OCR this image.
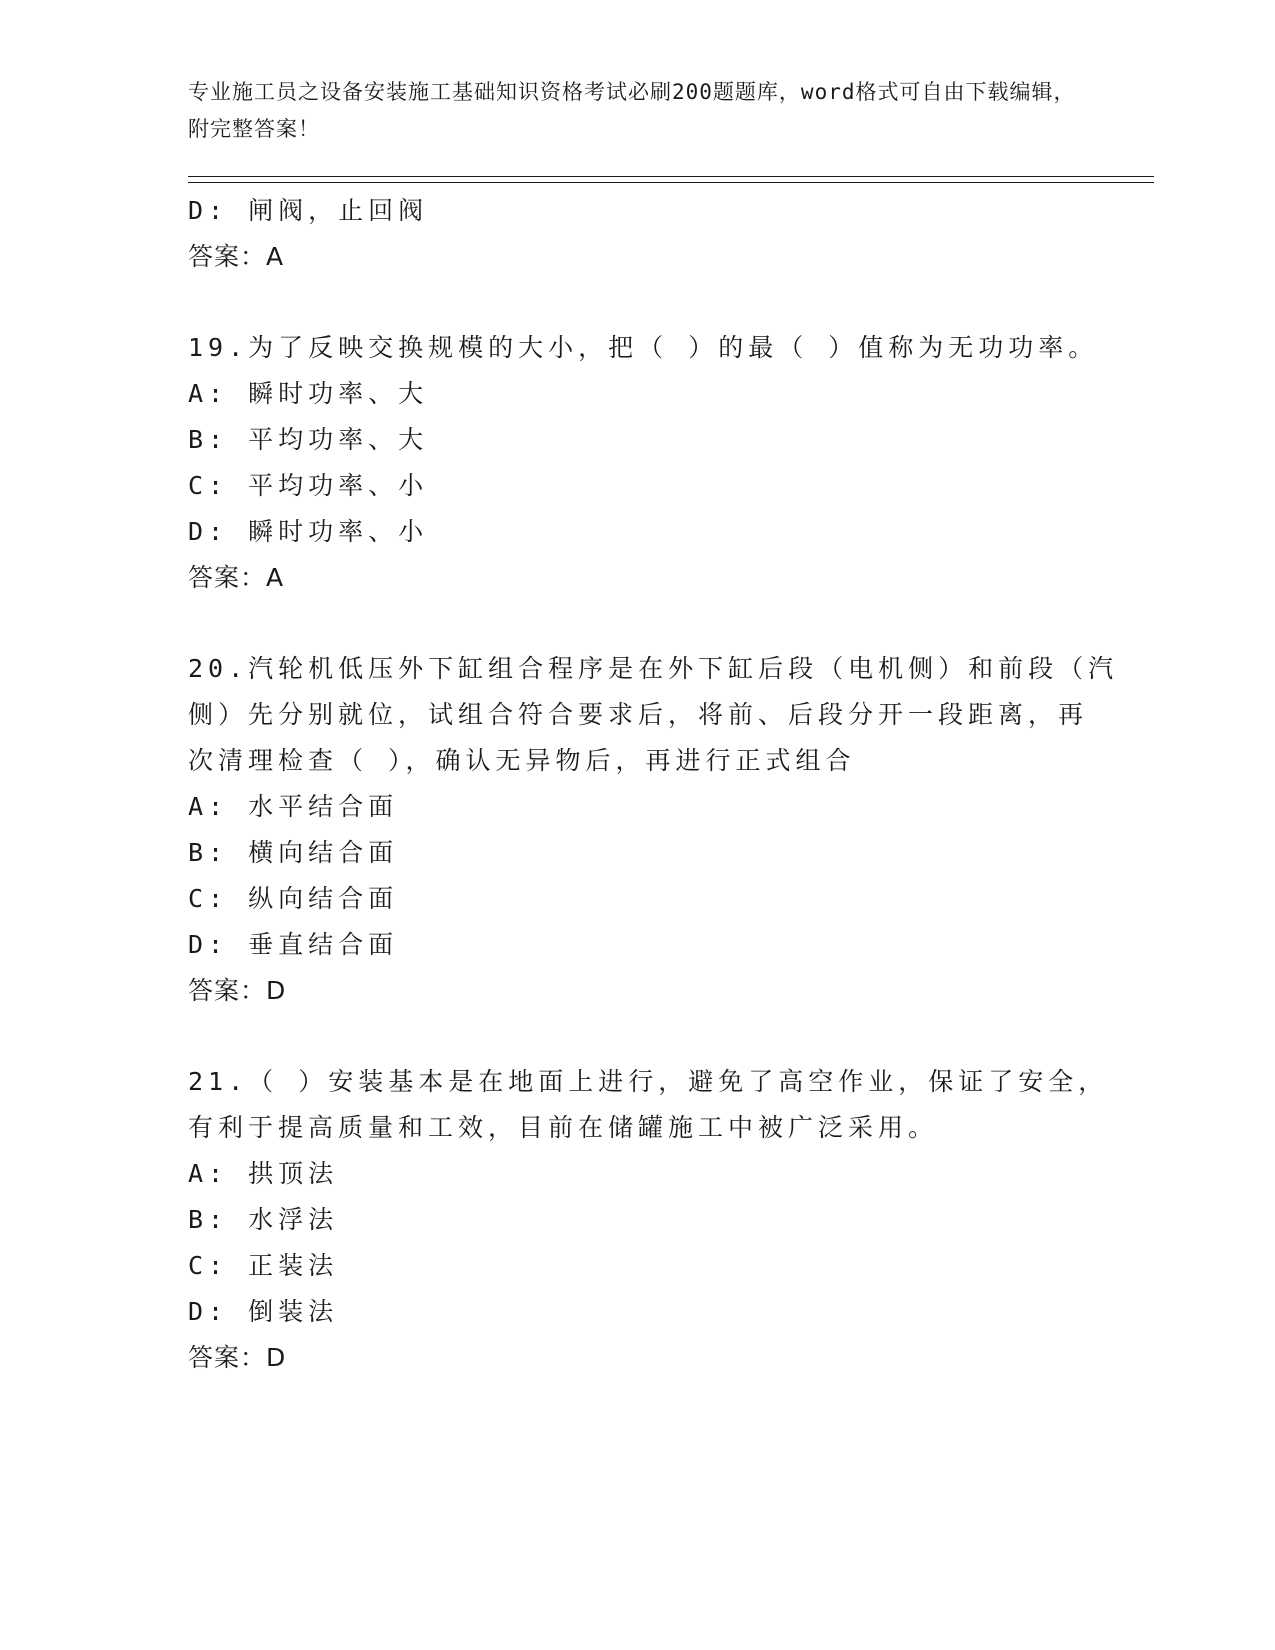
专业施工员之设备安装施工基础知识资格考试必刷200题题库，word格式可自由下载编辑，附完整答案！
D: 闸阀，止回阀
答案：A
19.为了反映交换规模的大小，把（ ）的最（ ）值称为无功功率。
A: 瞬时功率、大
B: 平均功率、大
C: 平均功率、小
D: 瞬时功率、小
答案：A
20.汽轮机低压外下缸组合程序是在外下缸后段（电机侧）和前段（汽
侧）先分别就位，试组合符合要求后，将前、后段分开一段距离，再
次清理检查（ ），确认无异物后，再进行正式组合
A: 水平结合面
B: 横向结合面
C: 纵向结合面
D: 垂直结合面
答案：D
21.（ ）安装基本是在地面上进行，避免了高空作业，保证了安全，
有利于提高质量和工效，目前在储罐施工中被广泛采用。
A: 拱顶法
B: 水浮法
C: 正装法
D: 倒装法
答案：D
